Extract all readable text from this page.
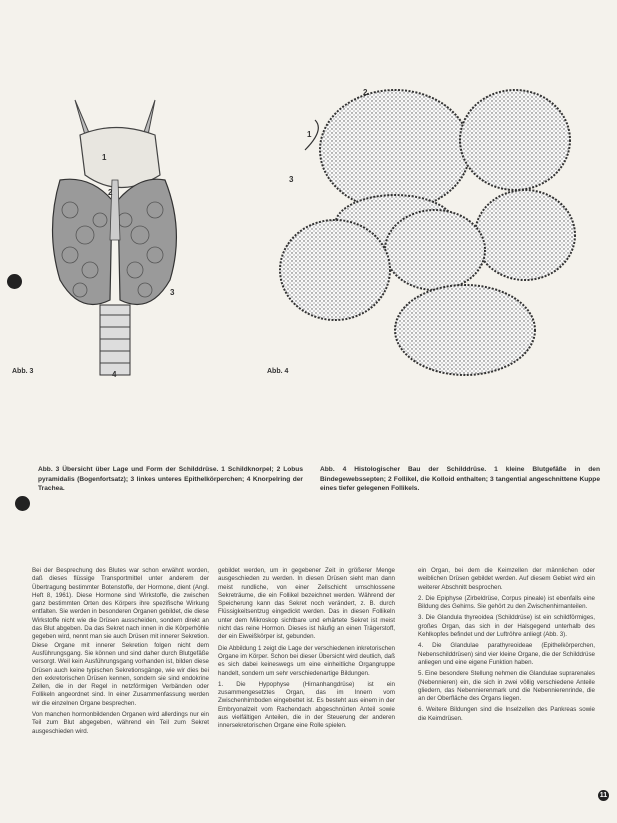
1
2
3
4
Abb. 3
2
1
3
Abb. 4
Abb. 3 Übersicht über Lage und Form der Schilddrüse. 1 Schildknorpel; 2 Lobus pyramidalis (Bogenfortsatz); 3 linkes unteres Epithelkörperchen; 4 Knorpelring der Trachea.
Abb. 4 Histologischer Bau der Schilddrüse. 1 kleine Blutgefäße in den Bindegewebssepten; 2 Follikel, die Kolloid enthalten; 3 tangential angeschnittene Kuppe eines tiefer gelegenen Follikels.

Bei der Besprechung des Blutes war schon erwähnt worden, daß dieses flüssige Transportmittel unter anderem der Übertragung bestimmter Botenstoffe, der Hormone, dient (Angl. Heft 8, 1961). Diese Hormone sind Wirkstoffe, die zwischen ganz bestimmten Orten des Körpers ihre spezifische Wirkung entfalten. Sie werden in besonderen Organen gebildet, die diese Wirkstoffe nicht wie die Drüsen ausscheiden, sondern direkt an das Blut abgeben. Da das Sekret nach innen in die Körperhöhle gegeben wird, nennt man sie auch Drüsen mit innerer Sekretion. Diese Organe mit innerer Sekretion folgen nicht dem Ausführungsgang. Sie können und sind daher durch Blutgefäße versorgt. Weil kein Ausführungsgang vorhanden ist, bilden diese Drüsen auch keine typischen Sekretionsgänge, wie wir dies bei den exkretorischen Drüsen kennen, sondern sie sind endokrine Zellen, die in der Regel in netzförmigen Verbänden oder Follikeln angeordnet sind. In einer Zusammenfassung werden wir die einzelnen Organe besprechen.

Von manchen hormonbildenden Organen wird allerdings nur ein Teil zum Blut abgegeben, während ein Teil zum Sekret ausgeschieden wird.

gebildet werden, um in gegebener Zeit in größerer Menge ausgeschieden zu werden. In diesen Drüsen sieht man dann meist rundliche, von einer Zellschicht umschlossene Sekreträume, die ein Follikel bezeichnet werden. Während der Speicherung kann das Sekret noch verändert, z. B. durch Flüssigkeitsentzug eingedickt werden. Das in diesen Follikeln unter dem Mikroskop sichtbare und erhärtete Sekret ist meist nicht das reine Hormon. Dieses ist häufig an einen Trägerstoff, der ein Eiweißkörper ist, gebunden.

Die Abbildung 1 zeigt die Lage der verschiedenen inkretorischen Organe im Körper. Schon bei dieser Übersicht wird deutlich, daß es sich dabei keineswegs um eine einheitliche Organgruppe handelt, sondern um sehr verschiedenartige Bildungen.

1. Die Hypophyse (Hirnanhangdrüse) ist ein zusammengesetztes Organ, das im Innern vom Zwischenhirnboden eingebettet ist. Es besteht aus einem in der Embryonalzeit vom Rachendach abgeschnürten Anteil sowie aus vielfältigen Anteilen, die in der Steuerung der anderen innersekretorischen Organe eine Rolle spielen.

ein Organ, bei dem die Keimzellen der männlichen oder weiblichen Drüsen gebildet werden. Auf diesem Gebiet wird ein weiterer Abschnitt besprochen.

2. Die Epiphyse (Zirbeldrüse, Corpus pineale) ist ebenfalls eine Bildung des Gehirns. Sie gehört zu den Zwischenhirnanteilen.

3. Die Glandula thyreoidea (Schilddrüse) ist ein schildförmiges, großes Organ, das sich in der Halsgegend unterhalb des Kehlkopfes befindet und der Luftröhre anliegt (Abb. 3).

4. Die Glandulae parathyreoideae (Epithelkörperchen, Nebenschilddrüsen) sind vier kleine Organe, die der Schilddrüse anliegen und eine eigene Funktion haben.

5. Eine besondere Stellung nehmen die Glandulae suprarenales (Nebennieren) ein, die sich in zwei völlig verschiedene Anteile gliedern, das Nebennierenmark und die Nebennierenrinde, die an der Oberfläche des Organs liegen.

6. Weitere Bildungen sind die Inselzellen des Pankreas sowie die Keimdrüsen.

11
